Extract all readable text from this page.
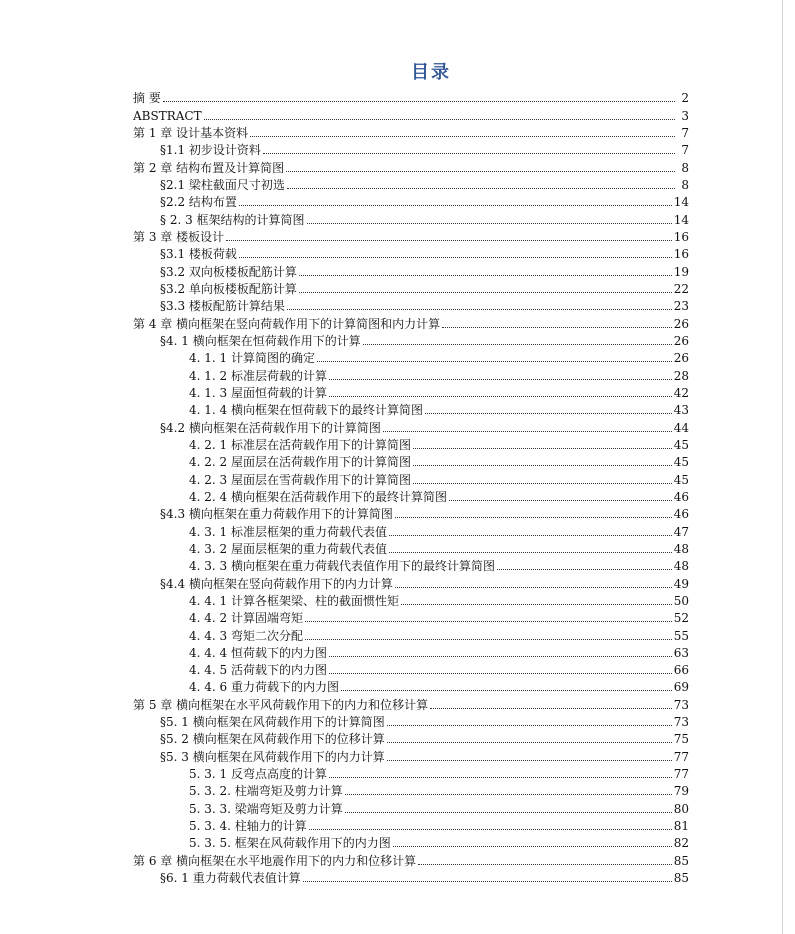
目录
摘 要	2
ABSTRACT	3
第 1 章 设计基本资料	7
§1.1 初步设计资料	7
第 2 章 结构布置及计算简图	8
§2.1 梁柱截面尺寸初选	8
§2.2 结构布置	14
§ 2. 3 框架结构的计算简图	14
第 3 章 楼板设计	16
§3.1 楼板荷载	16
§3.2 双向板楼板配筋计算	19
§3.2 单向板楼板配筋计算	22
§3.3 楼板配筋计算结果	23
第 4 章 横向框架在竖向荷载作用下的计算简图和内力计算	26
§4. 1 横向框架在恒荷载作用下的计算	26
4. 1. 1 计算简图的确定	26
4. 1. 2 标准层荷载的计算	28
4. 1. 3 屋面恒荷载的计算	42
4. 1. 4 横向框架在恒荷载下的最终计算简图	43
§4.2 横向框架在活荷载作用下的计算简图	44
4. 2. 1 标准层在活荷载作用下的计算简图	45
4. 2. 2 屋面层在活荷载作用下的计算简图	45
4. 2. 3 屋面层在雪荷载作用下的计算简图	45
4. 2. 4 横向框架在活荷载作用下的最终计算简图	46
§4.3 横向框架在重力荷载作用下的计算简图	46
4. 3. 1 标准层框架的重力荷载代表值	47
4. 3. 2 屋面层框架的重力荷载代表值	48
4. 3. 3 横向框架在重力荷载代表值作用下的最终计算简图	48
§4.4 横向框架在竖向荷载作用下的内力计算	49
4. 4. 1 计算各框架梁、柱的截面惯性矩	50
4. 4. 2 计算固端弯矩	52
4. 4. 3 弯矩二次分配	55
4. 4. 4 恒荷载下的内力图	63
4. 4. 5 活荷载下的内力图	66
4. 4. 6 重力荷载下的内力图	69
第 5 章 横向框架在水平风荷载作用下的内力和位移计算	73
§5. 1 横向框架在风荷载作用下的计算简图	73
§5. 2 横向框架在风荷载作用下的位移计算	75
§5. 3 横向框架在风荷载作用下的内力计算	77
5. 3. 1 反弯点高度的计算	77
5. 3. 2. 柱端弯矩及剪力计算	79
5. 3. 3. 梁端弯矩及剪力计算	80
5. 3. 4. 柱轴力的计算	81
5. 3. 5. 框架在风荷载作用下的内力图	82
第 6 章 横向框架在水平地震作用下的内力和位移计算	85
§6. 1 重力荷载代表值计算	85
